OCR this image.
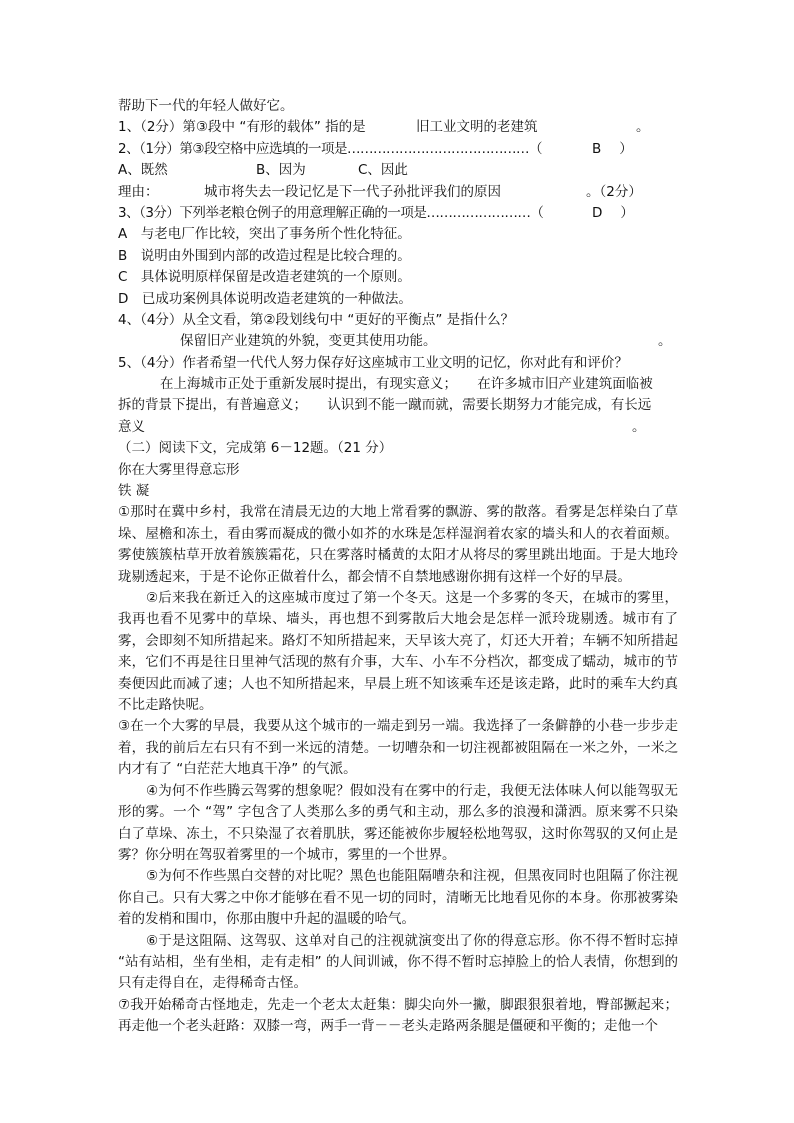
帮助下一代的年轻人做好它。
1、（2分）第③段中 “有形的载体” 指的是	旧工业文明的老建筑	。
2、（1分）第③段空格中应选填的一项是……………………………………（	B ）
A、既然	B、因为	C、因此
理由：	城市将失去一段记忆是下一代子孙批评我们的原因	。（2分）
3、（3分）下列举老粮仓例子的用意理解正确的一项是……………………（	D ）
A　与老电厂作比较，突出了事务所个性化特征。
B　说明由外围到内部的改造过程是比较合理的。
C　具体说明原样保留是改造老建筑的一个原则。
D　已成功案例具体说明改造老建筑的一种做法。
4、（4分）从全文看，第②段划线句中 “更好的平衡点” 是指什么？
保留旧产业建筑的外貌，变更其使用功能。	。
5、（4分）作者希望一代代人努力保存好这座城市工业文明的记忆，你对此有和评价？
在上海城市正处于重新发展时提出，有现实意义；　　在许多城市旧产业建筑面临被
拆的背景下提出，有普遍意义；　　认识到不能一蹴而就，需要长期努力才能完成，有长远
意义	。
（二）阅读下文，完成第 6－12题。（21 分）
你在大雾里得意忘形
铁 凝
①那时在冀中乡村，我常在清晨无边的大地上常看雾的飘游、雾的散落。看雾是怎样染白了草垛、屋檐和冻土，看由雾而凝成的微小如芥的水珠是怎样湿润着农家的墙头和人的衣着面颊。雾使簇簇枯草开放着簇簇霜花，只在雾落时橘黄的太阳才从将尽的雾里跳出地面。于是大地玲珑剔透起来，于是不论你正做着什么，都会情不自禁地感谢你拥有这样一个好的早晨。
②后来我在新迁入的这座城市度过了第一个冬天。这是一个多雾的冬天，在城市的雾里，我再也看不见雾中的草垛、墙头，再也想不到雾散后大地会是怎样一派玲珑剔透。城市有了雾，会即刻不知所措起来。路灯不知所措起来，天早该大亮了，灯还大开着；车辆不知所措起来，它们不再是往日里神气活现的熬有介事，大车、小车不分档次，都变成了蠕动，城市的节奏便因此而减了速；人也不知所措起来，早晨上班不知该乘车还是该走路，此时的乘车大约真不比走路快呢。
③在一个大雾的早晨，我要从这个城市的一端走到另一端。我选择了一条僻静的小巷一步步走着，我的前后左右只有不到一米远的清楚。一切嘈杂和一切注视都被阻隔在一米之外，一米之内才有了 “白茫茫大地真干净” 的气派。
④为何不作些腾云驾雾的想象呢？假如没有在雾中的行走，我便无法体味人何以能驾驭无形的雾。一个 “驾” 字包含了人类那么多的勇气和主动，那么多的浪漫和潇洒。原来雾不只染白了草垛、冻土，不只染湿了衣着肌肤，雾还能被你步履轻松地驾驭，这时你驾驭的又何止是雾？你分明在驾驭着雾里的一个城市，雾里的一个世界。
⑤为何不作些黑白交替的对比呢？黑色也能阻隔嘈杂和注视，但黑夜同时也阻隔了你注视你自己。只有大雾之中你才能够在看不见一切的同时，清晰无比地看见你的本身。你那被雾染着的发梢和围巾，你那由腹中升起的温暖的哈气。
⑥于是这阻隔、这驾驭、这单对自己的注视就演变出了你的得意忘形。你不得不暂时忘掉 “站有站相，坐有坐相，走有走相” 的人间训诫，你不得不暂时忘掉脸上的恰人表情，你想到的只有走得自在，走得稀奇古怪。
⑦我开始稀奇古怪地走，先走一个老太太赶集：脚尖向外一撇，脚跟狠狠着地，臀部撅起来；再走他一个老头赶路：双膝一弯，两手一背－－老头走路两条腿是僵硬和平衡的；走他一个
